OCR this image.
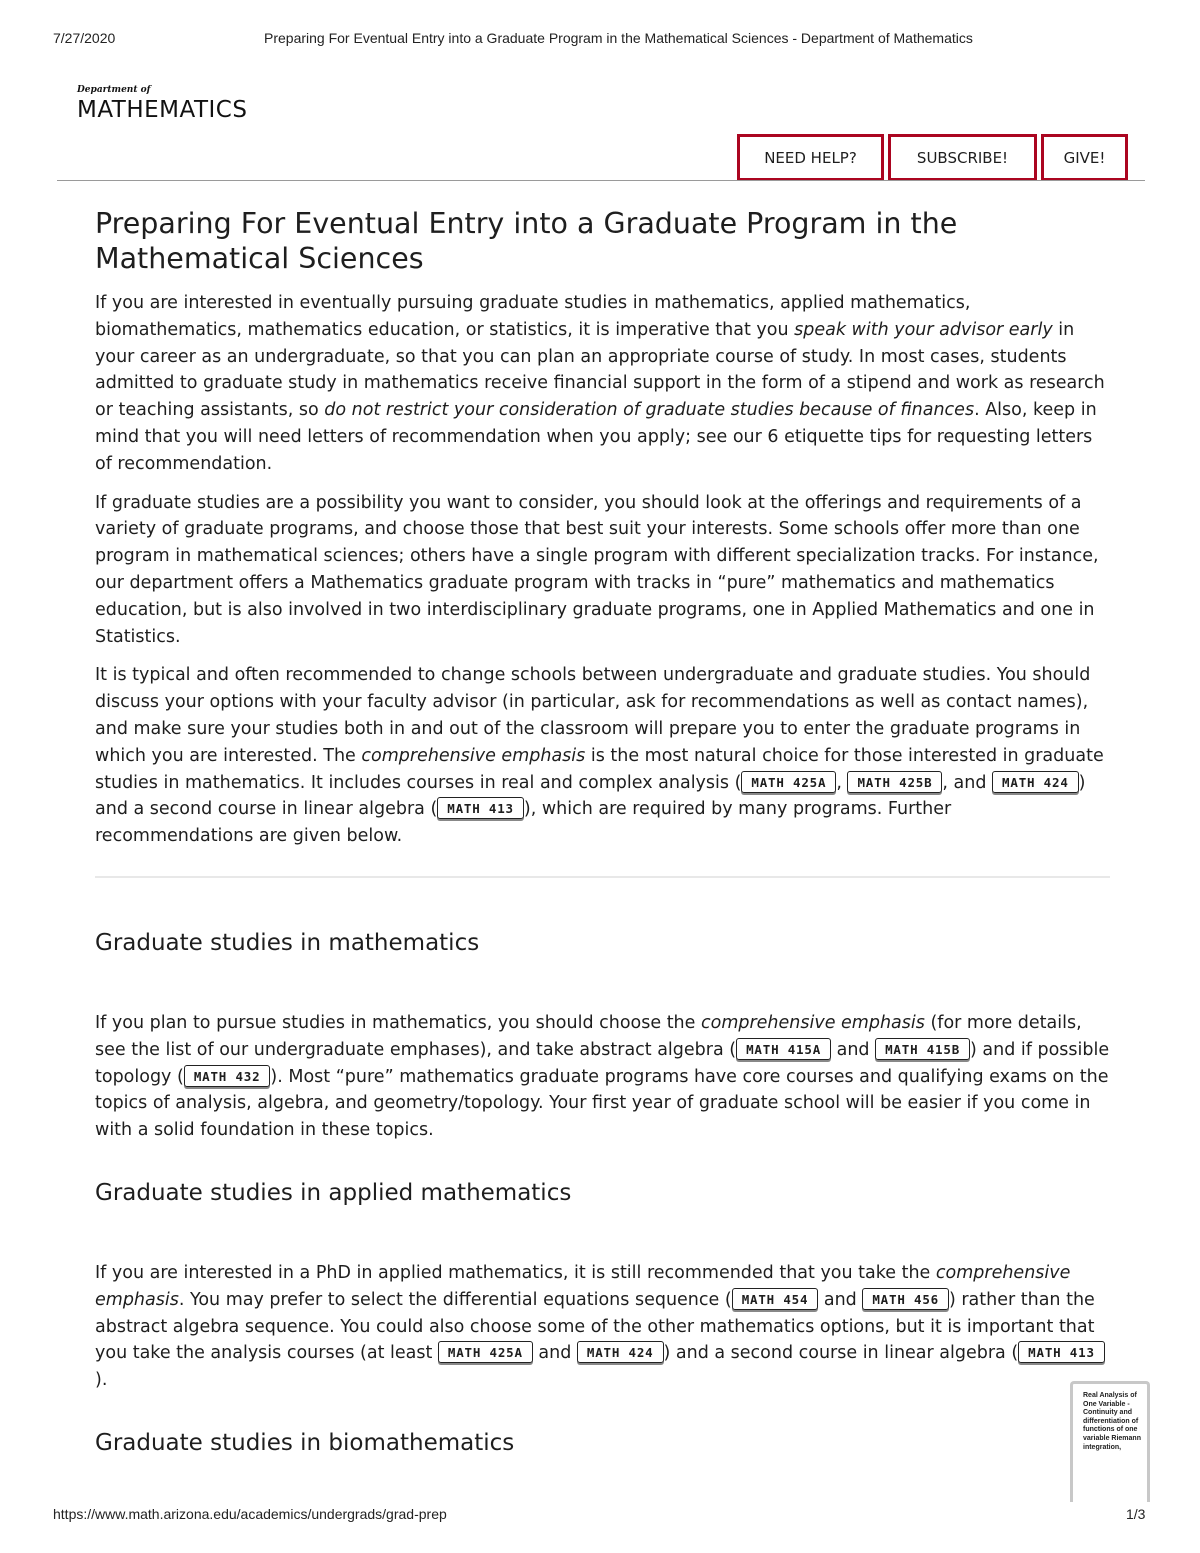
7/27/2020	Preparing For Eventual Entry into a Graduate Program in the Mathematical Sciences - Department of Mathematics
Department of
MATHEMATICS
NEED HELP?	SUBSCRIBE!	GIVE!
Preparing For Eventual Entry into a Graduate Program in the Mathematical Sciences

If you are interested in eventually pursuing graduate studies in mathematics, applied mathematics, biomathematics, mathematics education, or statistics, it is imperative that you speak with your advisor early in your career as an undergraduate, so that you can plan an appropriate course of study. In most cases, students admitted to graduate study in mathematics receive financial support in the form of a stipend and work as research or teaching assistants, so do not restrict your consideration of graduate studies because of finances. Also, keep in mind that you will need letters of recommendation when you apply; see our 6 etiquette tips for requesting letters of recommendation.

If graduate studies are a possibility you want to consider, you should look at the offerings and requirements of a variety of graduate programs, and choose those that best suit your interests. Some schools offer more than one program in mathematical sciences; others have a single program with different specialization tracks. For instance, our department offers a Mathematics graduate program with tracks in “pure” mathematics and mathematics education, but is also involved in two interdisciplinary graduate programs, one in Applied Mathematics and one in Statistics.

It is typical and often recommended to change schools between undergraduate and graduate studies. You should discuss your options with your faculty advisor (in particular, ask for recommendations as well as contact names), and make sure your studies both in and out of the classroom will prepare you to enter the graduate programs in which you are interested. The comprehensive emphasis is the most natural choice for those interested in graduate studies in mathematics. It includes courses in real and complex analysis ( MATH 425A , MATH 425B , and MATH 424 ) and a second course in linear algebra ( MATH 413 ), which are required by many programs. Further recommendations are given below.

Graduate studies in mathematics

If you plan to pursue studies in mathematics, you should choose the comprehensive emphasis (for more details, see the list of our undergraduate emphases), and take abstract algebra ( MATH 415A and MATH 415B ) and if possible topology ( MATH 432 ). Most “pure” mathematics graduate programs have core courses and qualifying exams on the topics of analysis, algebra, and geometry/topology. Your first year of graduate school will be easier if you come in with a solid foundation in these topics.

Graduate studies in applied mathematics

If you are interested in a PhD in applied mathematics, it is still recommended that you take the comprehensive emphasis. You may prefer to select the differential equations sequence ( MATH 454 and MATH 456 ) rather than the abstract algebra sequence. You could also choose some of the other mathematics options, but it is important that you take the analysis courses (at least MATH 425A and MATH 424 ) and a second course in linear algebra ( MATH 413).

Graduate studies in biomathematics
Real Analysis of One Variable - Continuity and differentiation of functions of one variable Riemann integration,
https://www.math.arizona.edu/academics/undergrads/grad-prep	1/3
